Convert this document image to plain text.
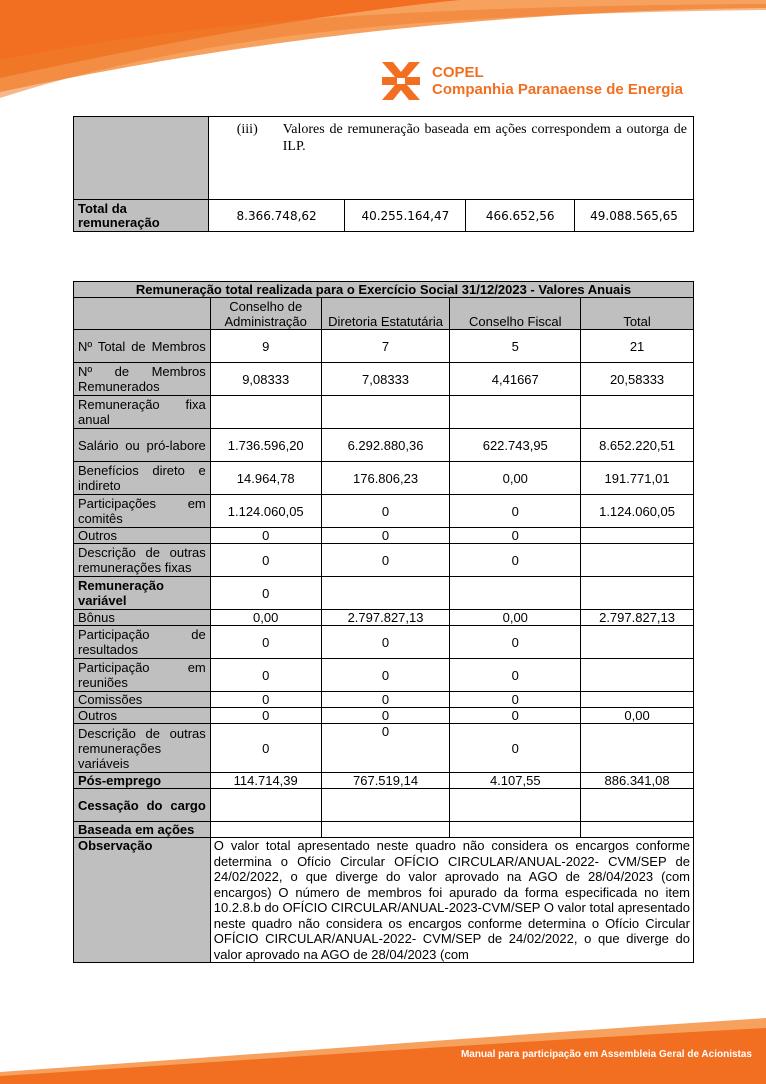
COPEL
Companhia Paranaense de Energia

	(iii) Valores de remuneração baseada em ações correspondem a outorga de ILP.			

Total da remuneração	8.366.748,62	40.255.164,47	466.652,56	49.088.565,65
Remuneração total realizada para o Exercício Social 31/12/2023 - Valores Anuais				
	Conselho de Administração	Diretoria Estatutária	Conselho Fiscal	Total
Nº Total de Membros	9	7	5	21
Nº de Membros Remunerados	9,08333	7,08333	4,41667	20,58333
Remuneração fixa anual				
Salário ou pró-labore	1.736.596,20	6.292.880,36	622.743,95	8.652.220,51
Benefícios direto e indireto	14.964,78	176.806,23	0,00	191.771,01
Participações em comitês	1.124.060,05	0	0	1.124.060,05
Outros	0	0	0	
Descrição de outras remunerações fixas	0	0	0	
Remuneração variável	0			
Bônus	0,00	2.797.827,13	0,00	2.797.827,13
Participação de resultados	0	0	0	
Participação em reuniões	0	0	0	
Comissões	0	0	0	
Outros	0	0	0	0,00
Descrição de outras remunerações variáveis	0	0	0	
Pós-emprego	114.714,39	767.519,14	4.107,55	886.341,08
Cessação do cargo				
Baseada em ações				
Observação	O valor total apresentado neste quadro não considera os encargos conforme determina o Ofício Circular OFÍCIO CIRCULAR/ANUAL-2022- CVM/SEP de 24/02/2022, o que diverge do valor aprovado na AGO de 28/04/2023 (com encargos) O número de membros foi apurado da forma especificada no item 10.2.8.b do OFÍCIO CIRCULAR/ANUAL-2023-CVM/SEP O valor total apresentado neste quadro não considera os encargos conforme determina o Ofício Circular OFÍCIO CIRCULAR/ANUAL-2022- CVM/SEP de 24/02/2022, o que diverge do valor aprovado na AGO de 28/04/2023 (com			
Manual para participação em Assembleia Geral de Acionistas
